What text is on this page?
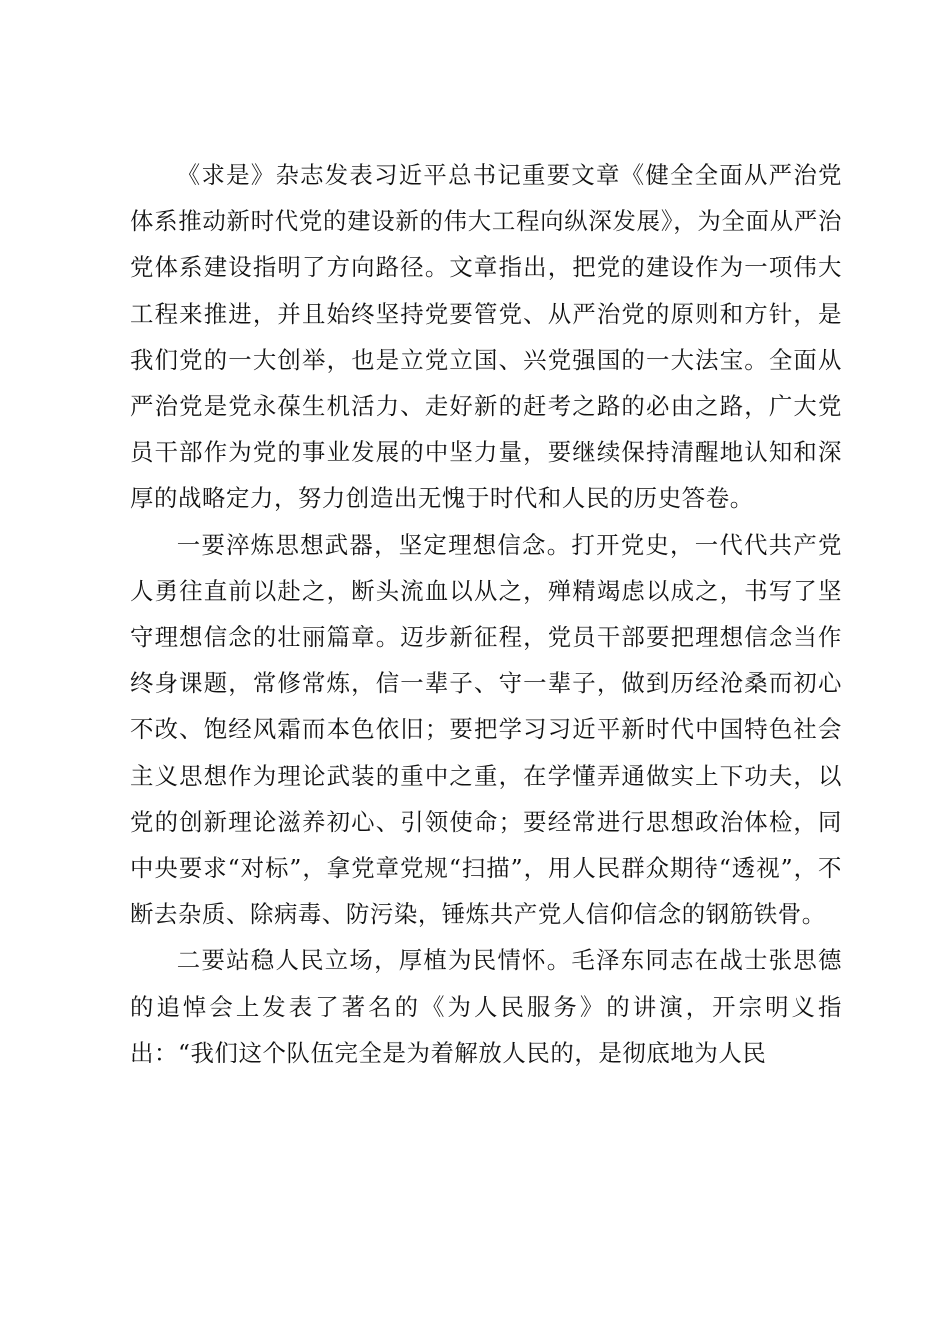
《求是》杂志发表习近平总书记重要文章《健全全面从严治党体系推动新时代党的建设新的伟大工程向纵深发展》，为全面从严治党体系建设指明了方向路径。文章指出，把党的建设作为一项伟大工程来推进，并且始终坚持党要管党、从严治党的原则和方针，是我们党的一大创举，也是立党立国、兴党强国的一大法宝。全面从严治党是党永葆生机活力、走好新的赶考之路的必由之路，广大党员干部作为党的事业发展的中坚力量，要继续保持清醒地认知和深厚的战略定力，努力创造出无愧于时代和人民的历史答卷。

一要淬炼思想武器，坚定理想信念。打开党史，一代代共产党人勇往直前以赴之，断头流血以从之，殚精竭虑以成之，书写了坚守理想信念的壮丽篇章。迈步新征程，党员干部要把理想信念当作终身课题，常修常炼，信一辈子、守一辈子，做到历经沧桑而初心不改、饱经风霜而本色依旧；要把学习习近平新时代中国特色社会主义思想作为理论武装的重中之重，在学懂弄通做实上下功夫，以党的创新理论滋养初心、引领使命；要经常进行思想政治体检，同中央要求“对标”，拿党章党规“扫描”，用人民群众期待“透视”，不断去杂质、除病毒、防污染，锤炼共产党人信仰信念的钢筋铁骨。

二要站稳人民立场，厚植为民情怀。毛泽东同志在战士张思德的追悼会上发表了著名的《为人民服务》的讲演，开宗明义指出：“我们这个队伍完全是为着解放人民的，是彻底地为人民
